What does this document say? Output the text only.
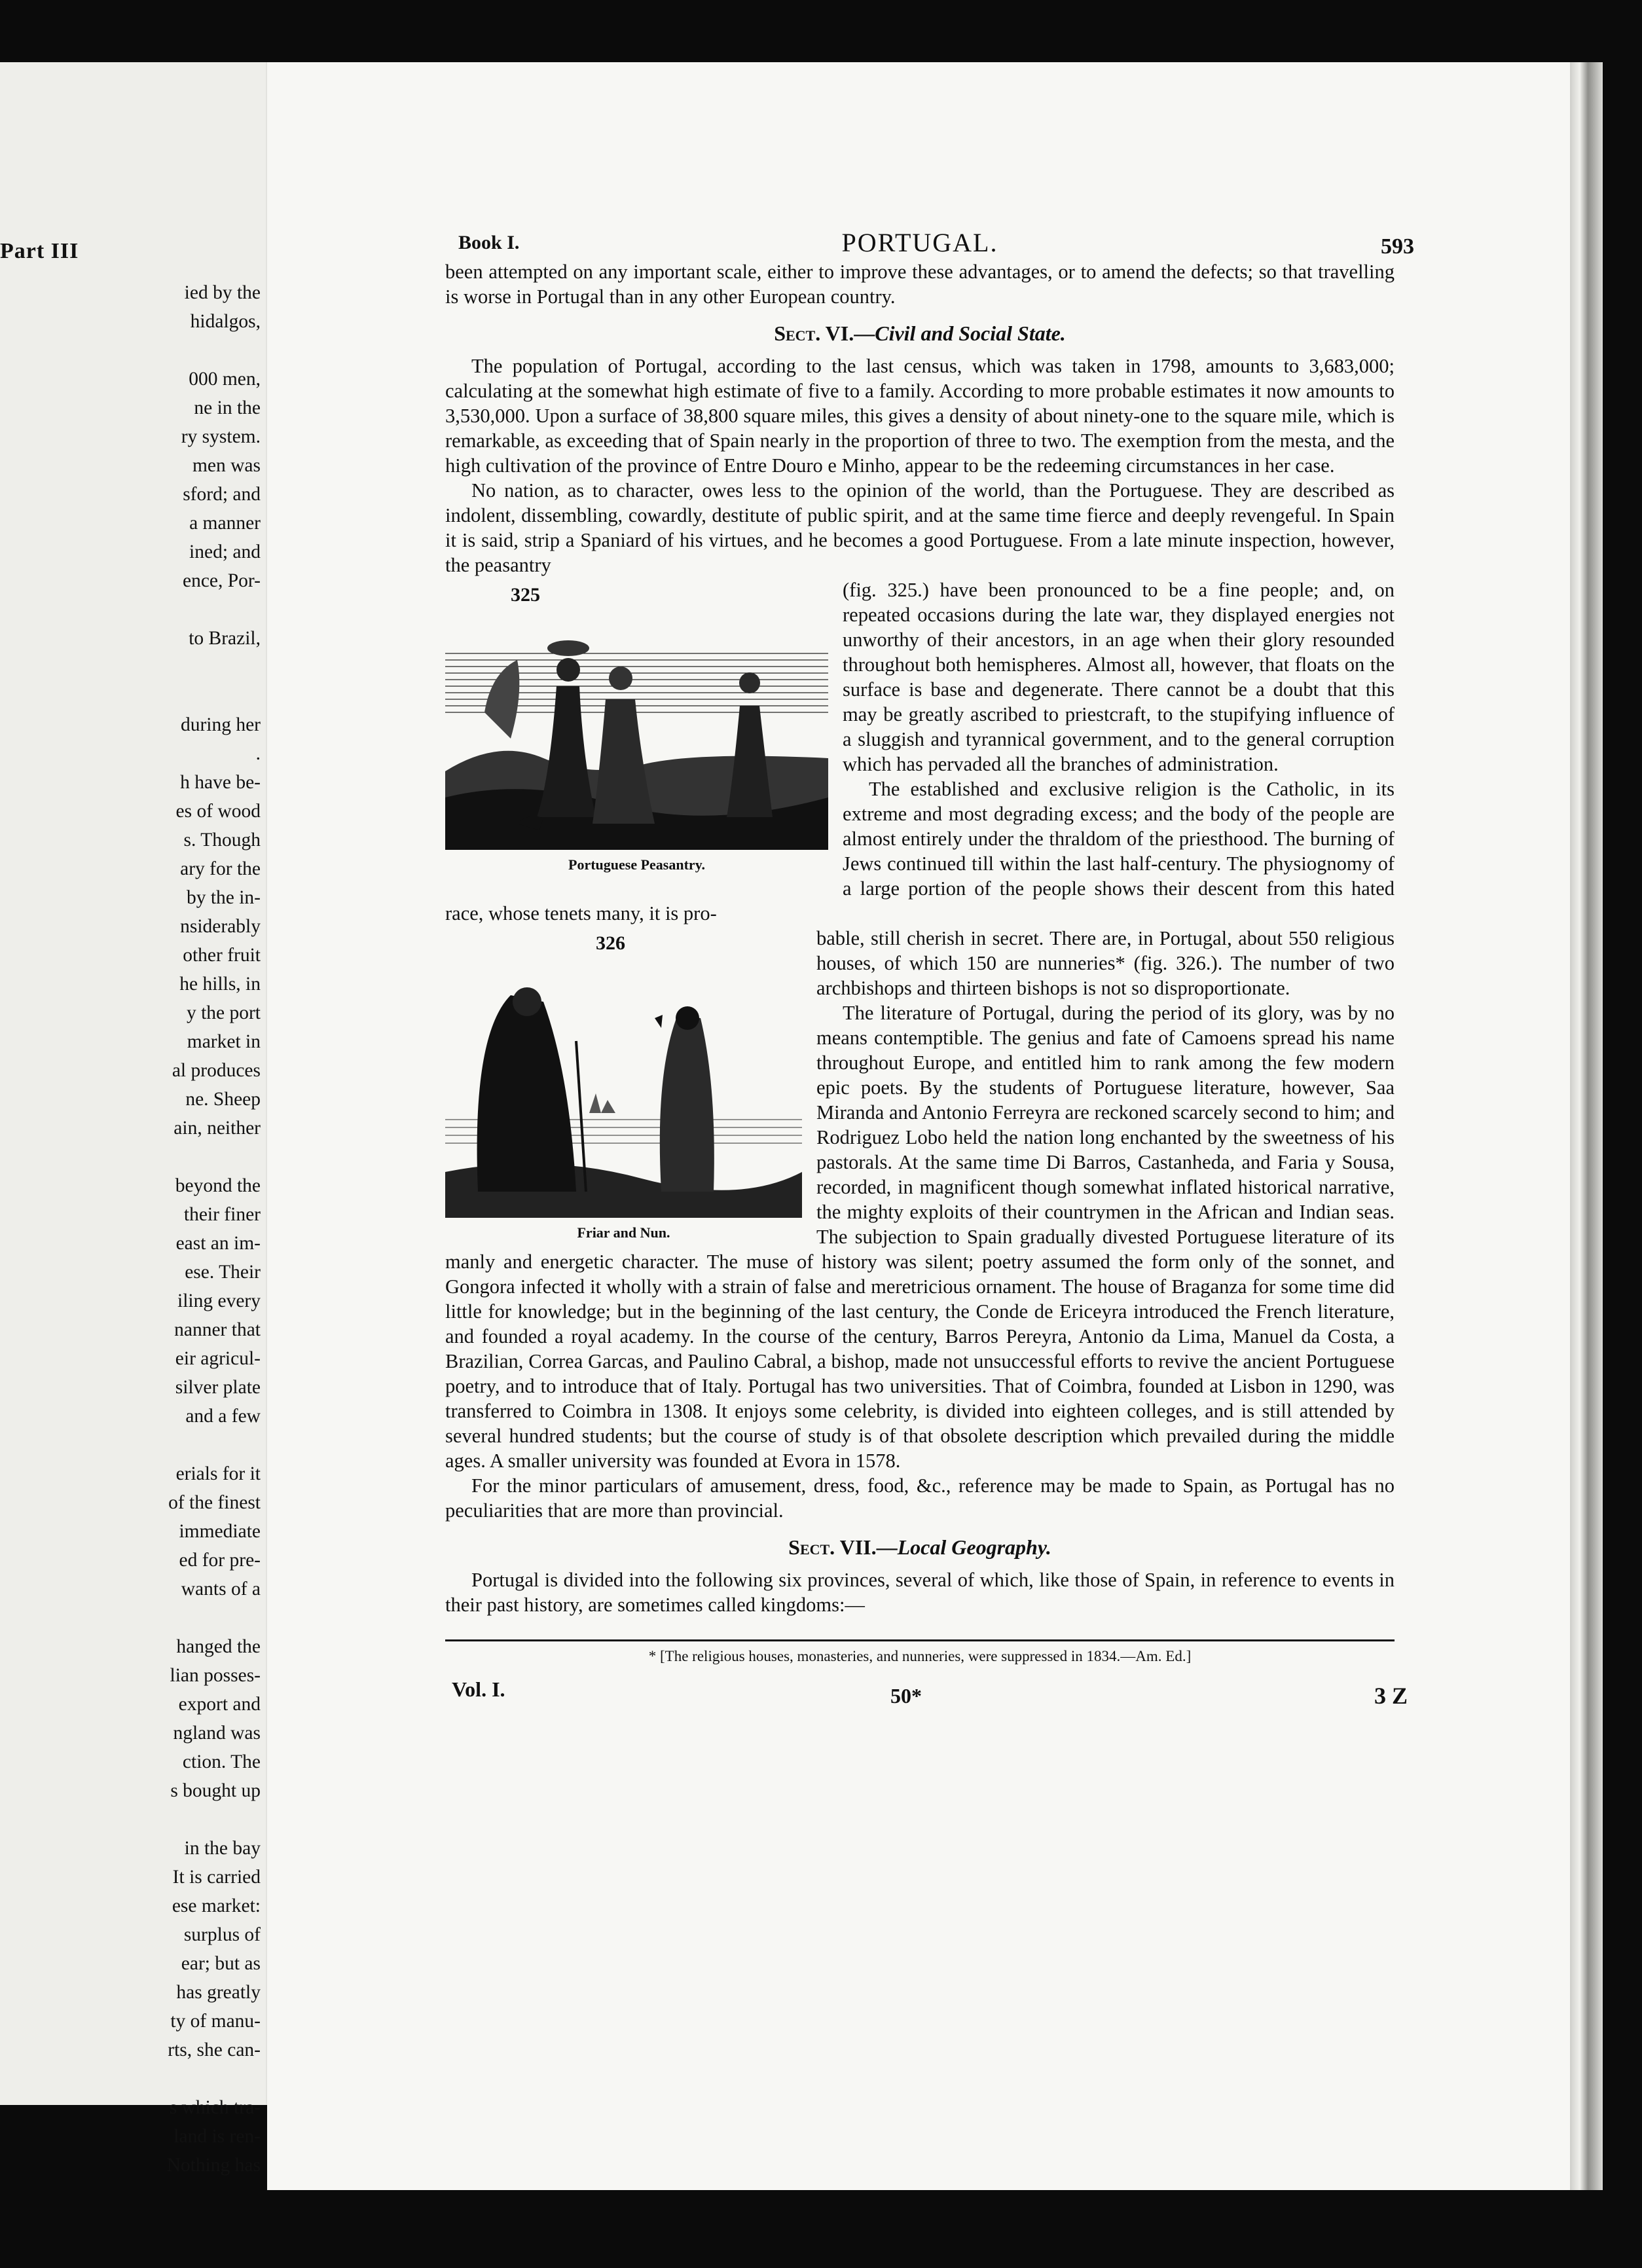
Part III
ied by the
hidalgos,

000 men,
ne in the
ry system.
men was
sford; and
a manner
ined; and
ence, Por-

to Brazil,

during her
.
h have be-
es of wood
s. Though
ary for the
by the in-
nsiderably
other fruit
he hills, in
y the port
market in
al produces
ne. Sheep
ain, neither

beyond the
their finer
east an im-
ese. Their
iling every
nanner that
eir agricul-
silver plate
and a few

erials for it
of the finest
immediate
ed for pre-
wants of a

hanged the
lian posses-
export and
ngland was
ction. The
s bought up

in the bay
It is carried
ese market:
surplus of
ear; but as
has greatly
ty of manu-
rts, she can-

s which tra-
land is ren-
Nothing has
Book I.	PORTUGAL.	593

been attempted on any important scale, either to improve these advantages, or to amend the defects; so that travelling is worse in Portugal than in any other European country.

Sect. VI.—Civil and Social State.

The population of Portugal, according to the last census, which was taken in 1798, amounts to 3,683,000; calculating at the somewhat high estimate of five to a family. According to more probable estimates it now amounts to 3,530,000. Upon a surface of 38,800 square miles, this gives a density of about ninety-one to the square mile, which is remarkable, as exceeding that of Spain nearly in the proportion of three to two. The exemption from the mesta, and the high cultivation of the province of Entre Douro e Minho, appear to be the redeeming circumstances in her case.

No nation, as to character, owes less to the opinion of the world, than the Portuguese. They are described as indolent, dissembling, cowardly, destitute of public spirit, and at the same time fierce and deeply revengeful. In Spain it is said, strip a Spaniard of his virtues, and he becomes a good Portuguese. From a late minute inspection, however, the peasantry

325
Portuguese Peasantry.

(fig. 325.) have been pronounced to be a fine people; and, on repeated occasions during the late war, they displayed energies not unworthy of their ancestors, in an age when their glory resounded throughout both hemispheres. Almost all, however, that floats on the surface is base and degenerate. There cannot be a doubt that this may be greatly ascribed to priestcraft, to the stupifying influence of a sluggish and tyrannical government, and to the general corruption which has pervaded all the branches of administration.

The established and exclusive religion is the Catholic, in its extreme and most degrading excess; and the body of the people are almost entirely under the thraldom of the priesthood. The burning of Jews continued till within the last half-century. The physiognomy of a large portion of the people shows their descent from this hated race, whose tenets many, it is pro-

326
Friar and Nun.

bable, still cherish in secret. There are, in Portugal, about 550 religious houses, of which 150 are nunneries* (fig. 326.). The number of two archbishops and thirteen bishops is not so disproportionate.

The literature of Portugal, during the period of its glory, was by no means contemptible. The genius and fate of Camoens spread his name throughout Europe, and entitled him to rank among the few modern epic poets. By the students of Portuguese literature, however, Saa Miranda and Antonio Ferreyra are reckoned scarcely second to him; and Rodriguez Lobo held the nation long enchanted by the sweetness of his pastorals. At the same time Di Barros, Castanheda, and Faria y Sousa, recorded, in magnificent though somewhat inflated historical narrative, the mighty exploits of their countrymen in the African and Indian seas. The subjection to Spain gradually divested Portuguese literature of its manly and energetic character. The muse of history was silent; poetry assumed the form only of the sonnet, and Gongora infected it wholly with a strain of false and meretricious ornament. The house of Braganza for some time did little for knowledge; but in the beginning of the last century, the Conde de Ericeyra introduced the French literature, and founded a royal academy. In the course of the century, Barros Pereyra, Antonio da Lima, Manuel da Costa, a Brazilian, Correa Garcas, and Paulino Cabral, a bishop, made not unsuccessful efforts to revive the ancient Portuguese poetry, and to introduce that of Italy. Portugal has two universities. That of Coimbra, founded at Lisbon in 1290, was transferred to Coimbra in 1308. It enjoys some celebrity, is divided into eighteen colleges, and is still attended by several hundred students; but the course of study is of that obsolete description which prevailed during the middle ages. A smaller university was founded at Evora in 1578.

For the minor particulars of amusement, dress, food, &c., reference may be made to Spain, as Portugal has no peculiarities that are more than provincial.

Sect. VII.—Local Geography.

Portugal is divided into the following six provinces, several of which, like those of Spain, in reference to events in their past history, are sometimes called kingdoms:—

* [The religious houses, monasteries, and nunneries, were suppressed in 1834.—Am. Ed.]
Vol. I.	50*	3 Z
